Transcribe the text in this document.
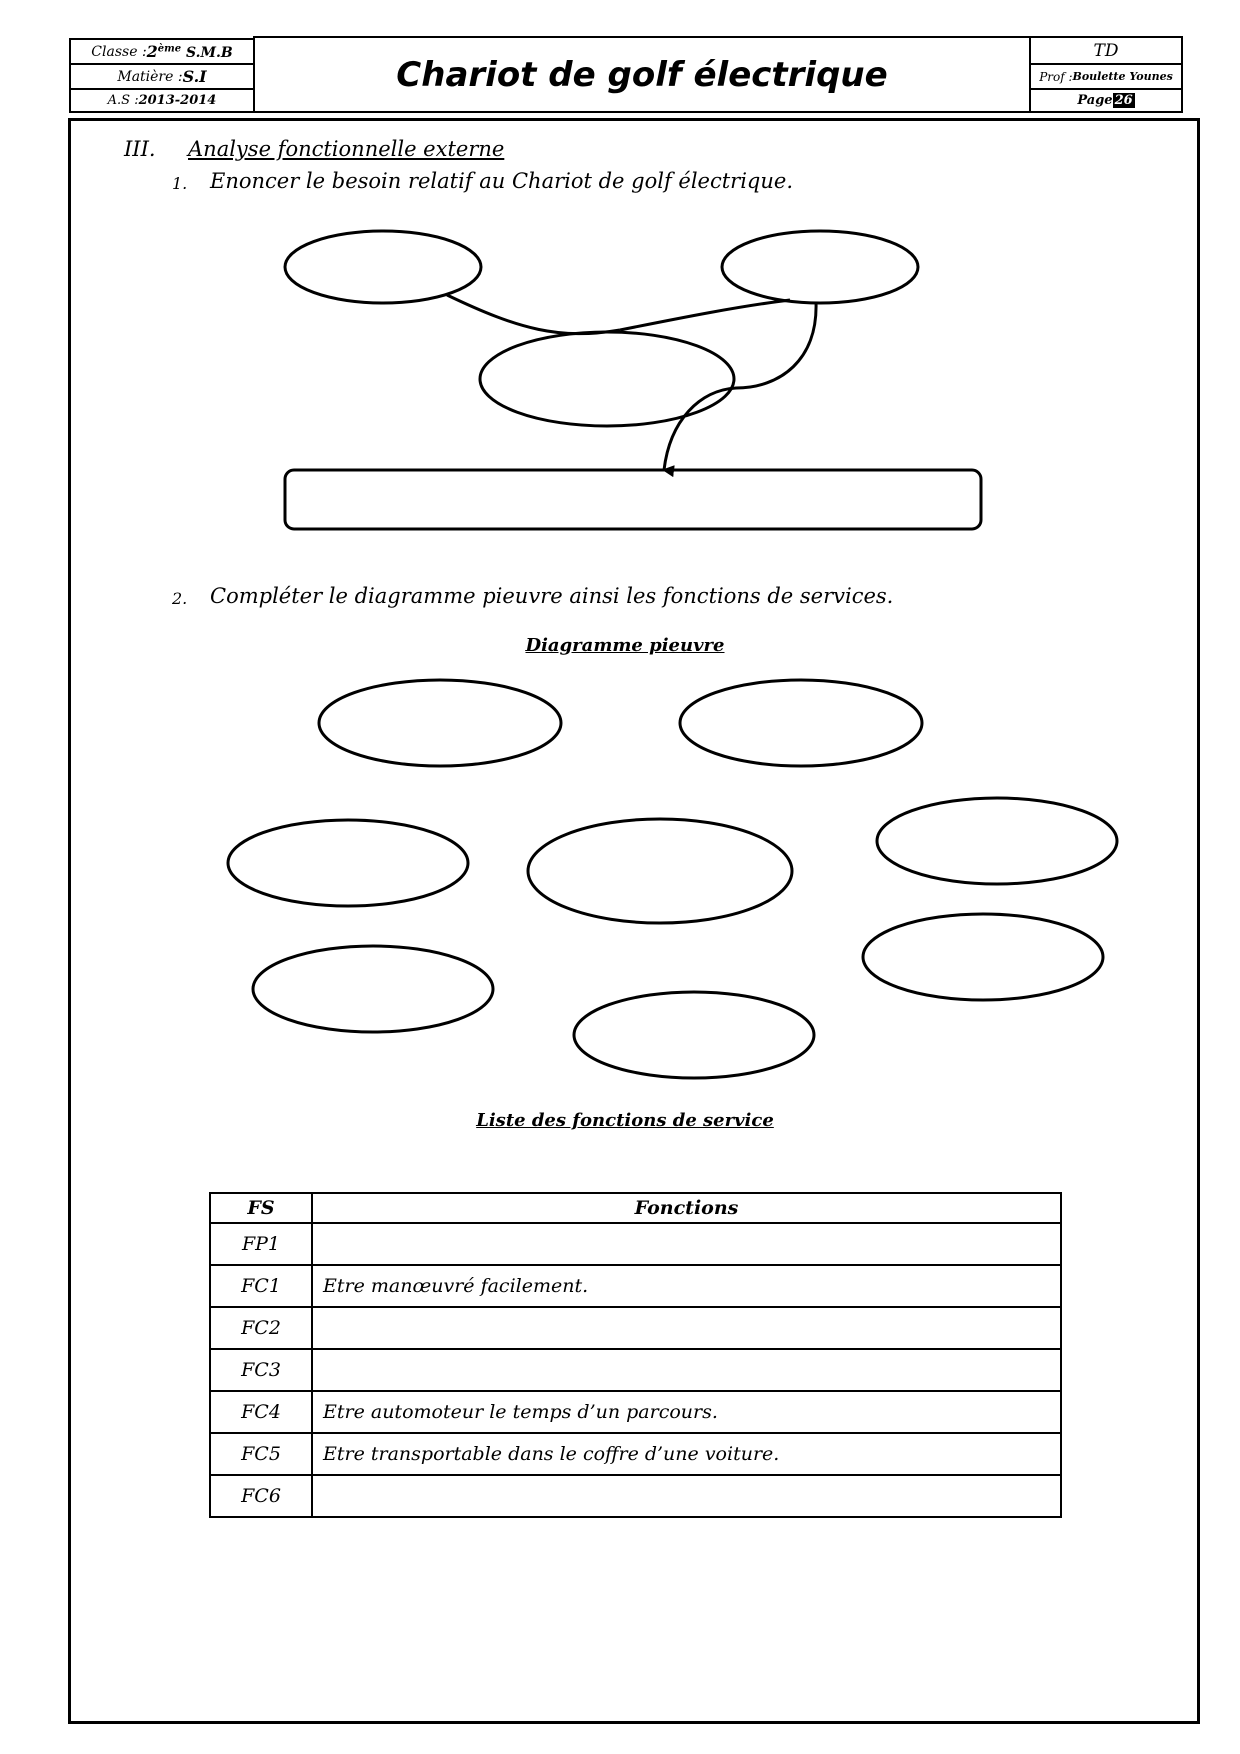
Classe : 2ème S.M.B
Matière : S.I
A.S : 2013-2014
Chariot de golf électrique
TD
Prof : Boulette Younes
Page 26
III. Analyse fonctionnelle externe
1. Enoncer le besoin relatif au Chariot de golf électrique.
2. Compléter le diagramme pieuvre ainsi les fonctions de services.
Diagramme pieuvre
Liste des fonctions de service
FS	Fonctions
FP1	
FC1	Etre manœuvré facilement.
FC2	
FC3	
FC4	Etre automoteur le temps d’un parcours.
FC5	Etre transportable dans le coffre d’une voiture.
FC6	
